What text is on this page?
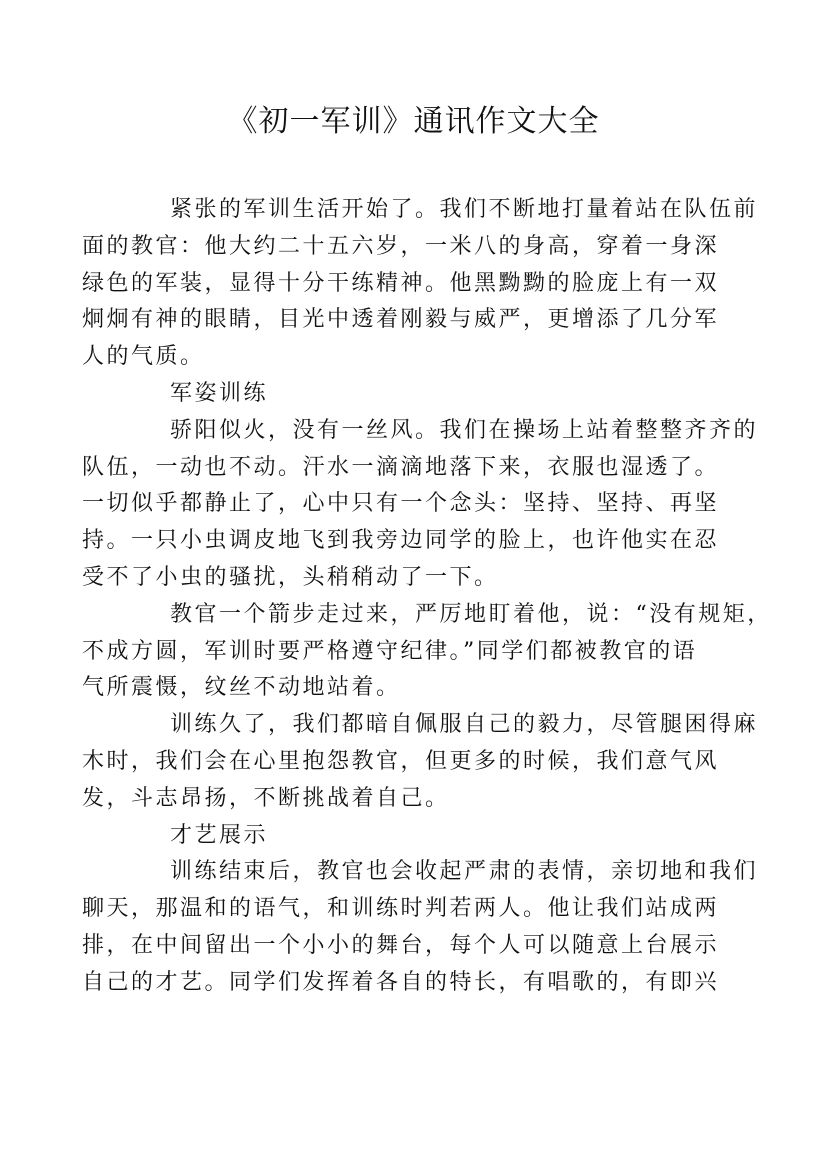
《初一军训》通讯作文大全

紧张的军训生活开始了。我们不断地打量着站在队伍前
面的教官：他大约二十五六岁，一米八的身高，穿着一身深
绿色的军装，显得十分干练精神。他黑黝黝的脸庞上有一双
炯炯有神的眼睛，目光中透着刚毅与威严，更增添了几分军
人的气质。

军姿训练

骄阳似火，没有一丝风。我们在操场上站着整整齐齐的
队伍，一动也不动。汗水一滴滴地落下来，衣服也湿透了。
一切似乎都静止了，心中只有一个念头：坚持、坚持、再坚
持。一只小虫调皮地飞到我旁边同学的脸上，也许他实在忍
受不了小虫的骚扰，头稍稍动了一下。

教官一个箭步走过来，严厉地盯着他，说：“没有规矩，
不成方圆，军训时要严格遵守纪律。”同学们都被教官的语
气所震慑，纹丝不动地站着。

训练久了，我们都暗自佩服自己的毅力，尽管腿困得麻
木时，我们会在心里抱怨教官，但更多的时候，我们意气风
发，斗志昂扬，不断挑战着自己。

才艺展示

训练结束后，教官也会收起严肃的表情，亲切地和我们
聊天，那温和的语气，和训练时判若两人。他让我们站成两
排，在中间留出一个小小的舞台，每个人可以随意上台展示
自己的才艺。同学们发挥着各自的特长，有唱歌的，有即兴
